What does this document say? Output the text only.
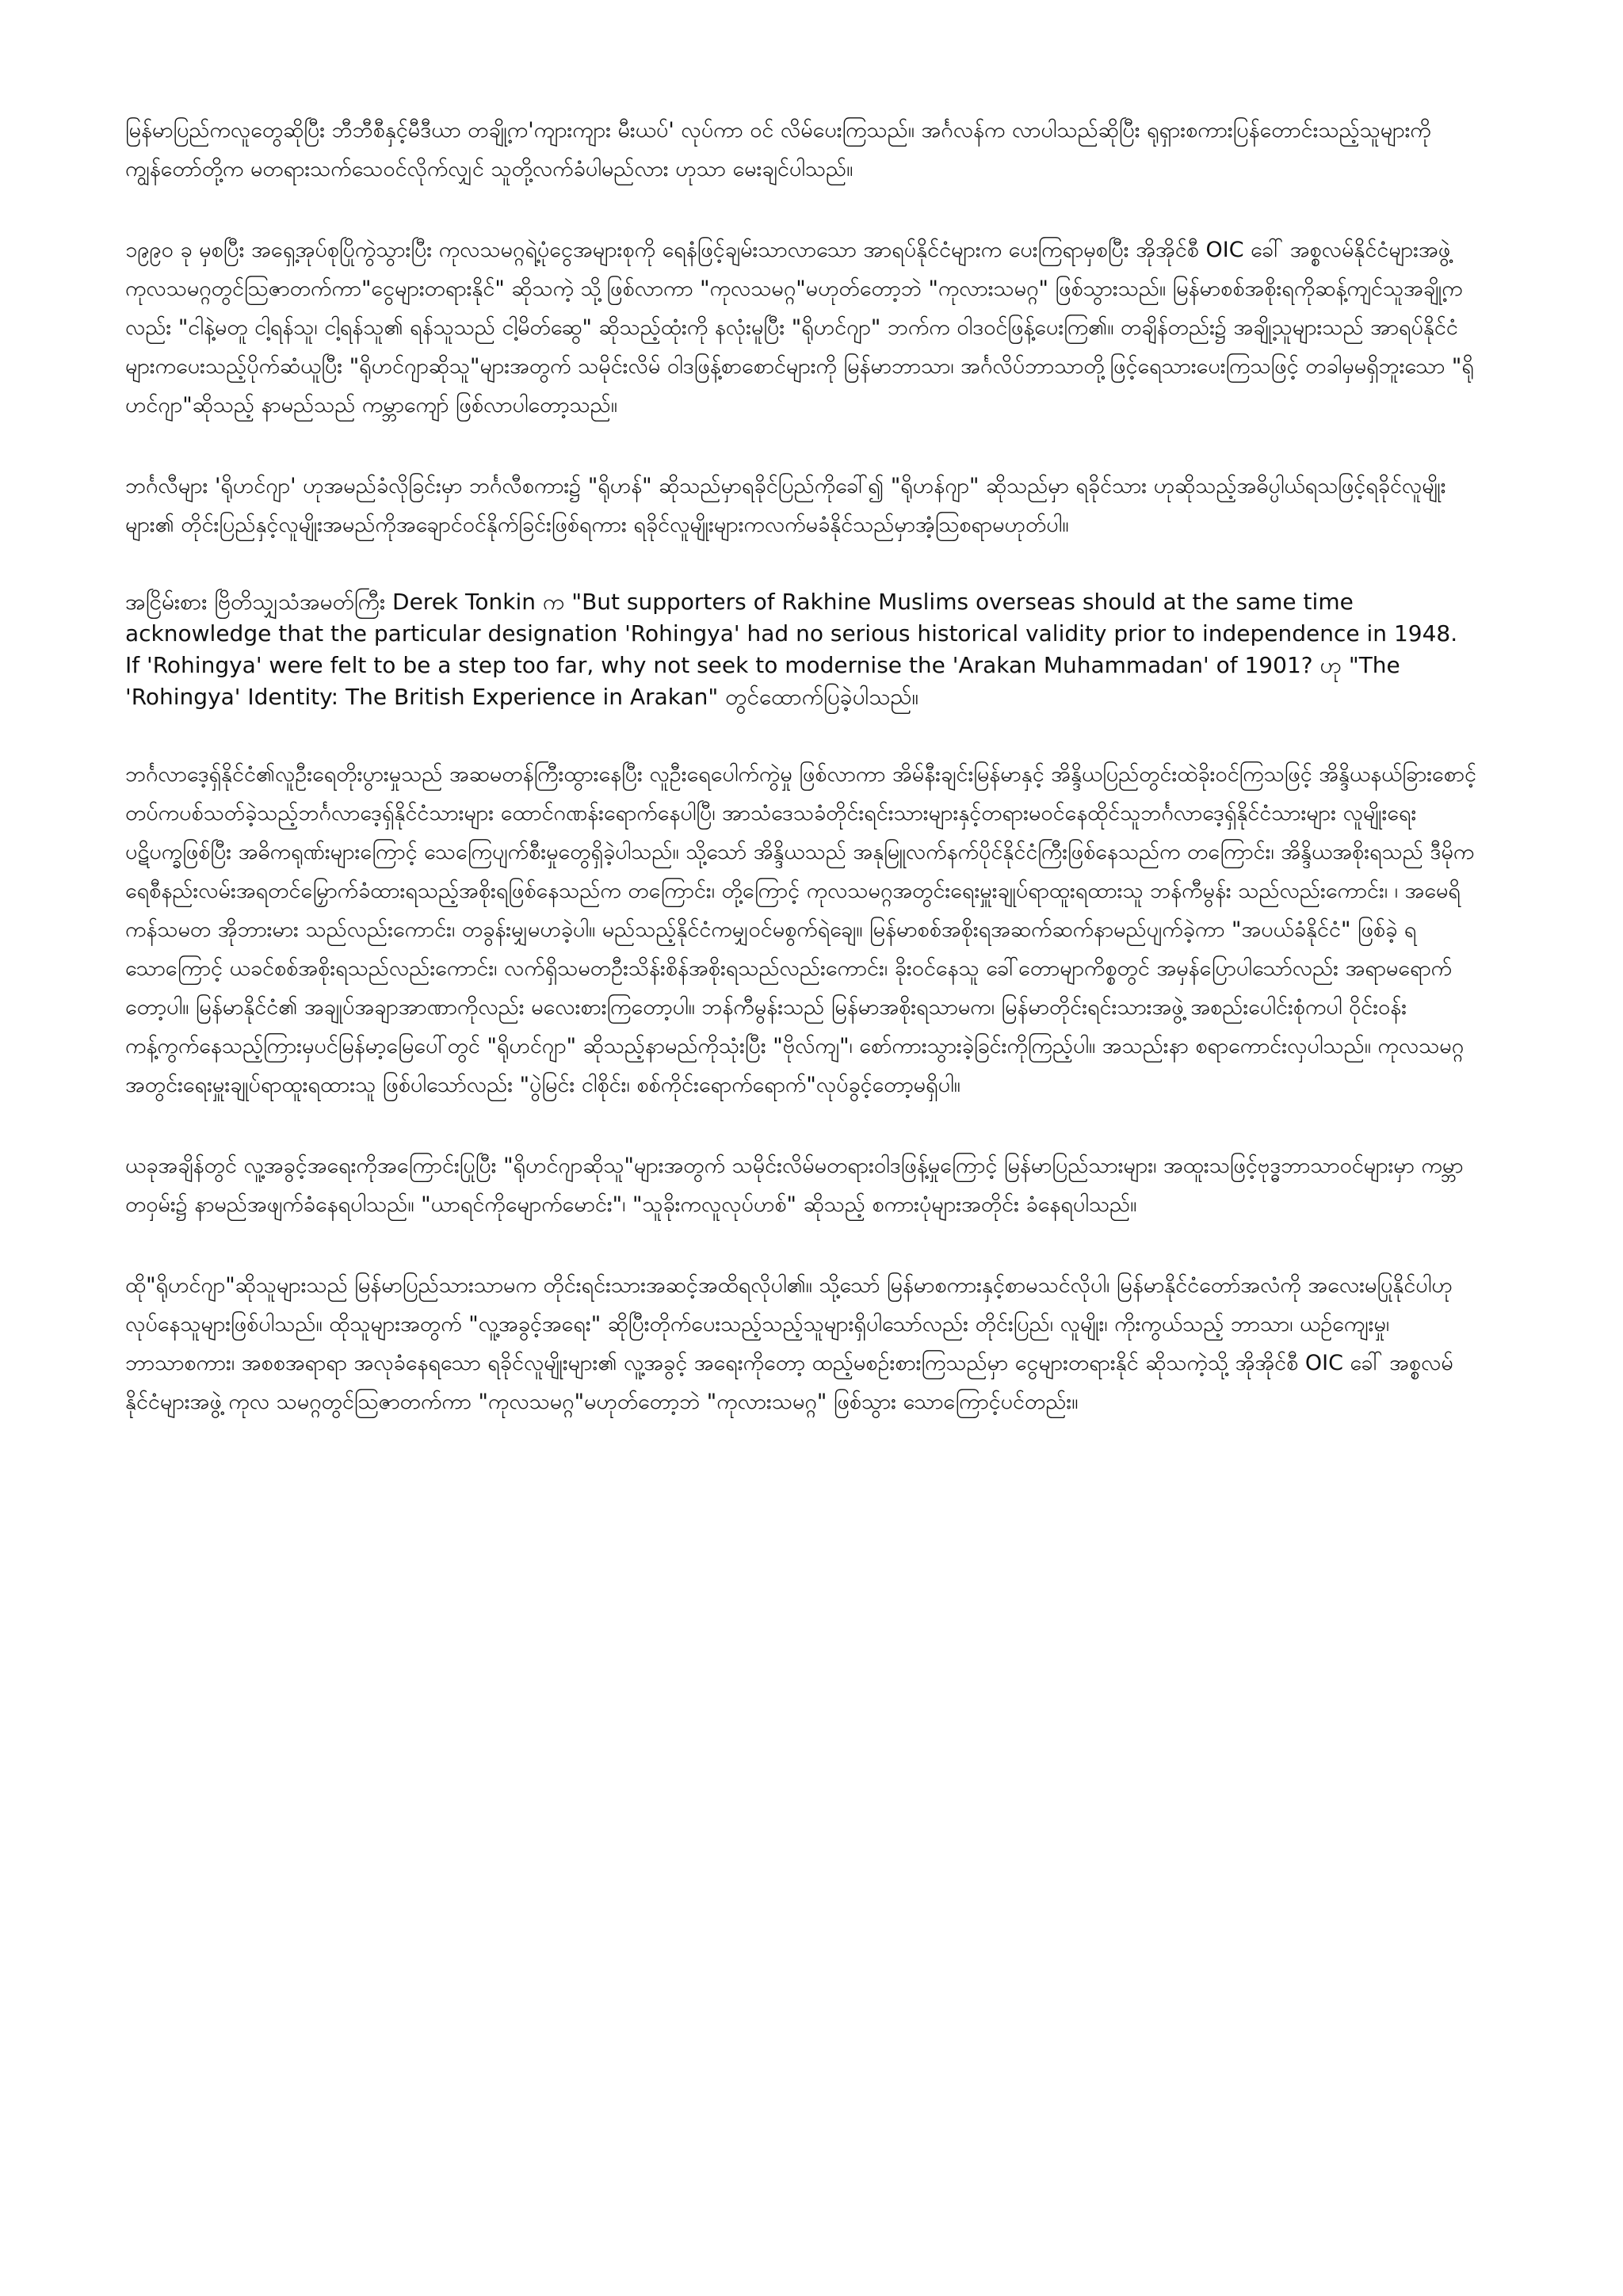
မြန်မာပြည်ကလူတွေဆိုပြီး ဘီဘီစီနှင့်မီဒီယာ တချို့က'ကျားကျား မီးယပ်' လုပ်ကာ ဝင် လိမ်ပေးကြသည်။ အင်္ဂလန်က လာပါသည်ဆိုပြီး ရုရှားစကားပြန်တောင်းသည့်သူများကို ကျွန်တော်တို့က မတရားသက်သေဝင်လိုက်လျှင် သူတို့လက်ခံပါမည်လား ဟုသာ မေးချင်ပါသည်။

၁၉၉၀ ခု မှစပြီး အရှေ့အုပ်စုပြိုကွဲသွားပြီး ကုလသမဂ္ဂရဲ့ပုံငွေအများစုကို ရေနံဖြင့်ချမ်းသာလာသော အာရပ်နိုင်ငံများက ပေးကြရာမှစပြီး အိုအိုင်စီ OIC ခေါ် အစ္စလမ်နိုင်ငံများအဖွဲ့ ကုလသမဂ္ဂတွင်ဩဇာတက်ကာ"ငွေများတရားနိုင်" ဆိုသကဲ့ သို့ဖြစ်လာကာ "ကုလသမဂ္ဂ"မဟုတ်တော့ဘဲ "ကုလားသမဂ္ဂ" ဖြစ်သွားသည်။ မြန်မာစစ်အစိုးရကိုဆန့်ကျင်သူအချို့ကလည်း "ငါနဲ့မတူ ငါ့ရန်သူ၊ ငါ့ရန်သူ၏ ရန်သူသည် ငါ့မိတ်ဆွေ" ဆိုသည့်ထုံးကို နလုံးမူပြီး "ရိုဟင်ဂျာ" ဘက်က ဝါဒဝင်ဖြန့်ပေးကြ၏။ တချိန်တည်း၌ အချို့သူများသည် အာရပ်နိုင်ငံ များကပေးသည့်ပိုက်ဆံယူပြီး "ရိုဟင်ဂျာဆိုသူ"များအတွက် သမိုင်းလိမ် ဝါဒဖြန့်စာစောင်များကို မြန်မာဘာသာ၊ အင်္ဂလိပ်ဘာသာတို့ဖြင့်ရေသားပေးကြသဖြင့် တခါမှမရှိဘူးသော "ရိုဟင်ဂျာ"ဆိုသည့် နာမည်သည် ကမ္ဘာကျော် ဖြစ်လာပါတော့သည်။

ဘင်္ဂလီများ 'ရိုဟင်ဂျာ' ဟုအမည်ခံလိုခြင်းမှာ ဘင်္ဂလီစကား၌ "ရိုဟန်" ဆိုသည်မှာရခိုင်ပြည်ကိုခေါ်၍ "ရိုဟန်ဂျာ" ဆိုသည်မှာ ရခိုင်သား ဟုဆိုသည့်အဓိပ္ပါယ်ရသဖြင့်ရခိုင်လူမျိုးများ၏ တိုင်းပြည်နှင့်လူမျိုးအမည်ကိုအချောင်ဝင်နိုက်ခြင်းဖြစ်ရကား ရခိုင်လူမျိုးများကလက်မခံနိုင်သည်မှာအံ့သြစရာမဟုတ်ပါ။

အငြိမ်းစား ဗြိတိသျှသံအမတ်ကြီး Derek Tonkin က "But supporters of Rakhine Muslims overseas should at the same time acknowledge that the particular designation 'Rohingya' had no serious historical validity prior to independence in 1948. If 'Rohingya' were felt to be a step too far, why not seek to modernise the 'Arakan Muhammadan' of 1901? ဟု "The 'Rohingya' Identity: The British Experience in Arakan" တွင်ထောက်ပြခဲ့ပါသည်။

ဘင်္ဂလာဒေ့ရှ်နိုင်ငံ၏လူဦးရေတိုးပွားမှုသည် အဆမတန်ကြီးထွားနေပြီး လူဦးရေပေါက်ကွဲမှု ဖြစ်လာကာ အိမ်နီးချင်းမြန်မာနှင့် အိန္ဒိယပြည်တွင်းထဲခိုးဝင်ကြသဖြင့် အိန္ဒိယနယ်ခြားစောင့်တပ်ကပစ်သတ်ခဲ့သည့်ဘင်္ဂလာဒေ့ရှ်နိုင်ငံသားများ ထောင်ဂဏန်းရောက်နေပါပြီ၊ အာသံဒေသခံတိုင်းရင်းသားများနှင့်တရားမဝင်နေထိုင်သူဘင်္ဂလာဒေ့ရှ်နိုင်ငံသားများ လူမျိုးရေး ပဋိပက္ခဖြစ်ပြီး အဓိကရုဏ်းများကြောင့် သေကြေပျက်စီးမှုတွေရှိခဲ့ပါသည်။ သို့သော် အိန္ဒိယသည် အနုမြူလက်နက်ပိုင်နိုင်ငံကြီးဖြစ်နေသည်က တကြောင်း၊ အိန္ဒိယအစိုးရသည် ဒီမိုကရေစီနည်းလမ်းအရတင်မြှောက်ခံထားရသည့်အစိုးရဖြစ်နေသည်က တကြောင်း၊ တို့ကြောင့် ကုလသမဂ္ဂအတွင်းရေးမှူးချုပ်ရာထူးရထားသူ ဘန်ကီမွန်း သည်လည်းကောင်း၊ ၊ အမေရိကန်သမတ အိုဘားမား သည်လည်းကောင်း၊ တခွန်းမျှမဟခဲ့ပါ။ မည်သည့်နိုင်ငံကမျှဝင်မစွက်ရဲချေ။ မြန်မာစစ်အစိုးရအဆက်ဆက်နာမည်ပျက်ခဲ့ကာ "အပယ်ခံနိုင်ငံ" ဖြစ်ခဲ့ ရသောကြောင့် ယခင်စစ်အစိုးရသည်လည်းကောင်း၊ လက်ရှိသမတဦးသိန်းစိန်အစိုးရသည်လည်းကောင်း၊ ခိုးဝင်နေသူ ခေါ်တောမျာကိစ္စတွင် အမှန်ပြောပါသော်လည်း အရာမရောက်တော့ပါ။ မြန်မာနိုင်ငံ၏ အချုပ်အချာအာဏာကိုလည်း မလေးစားကြတော့ပါ။ ဘန်ကီမွန်းသည် မြန်မာအစိုးရသာမက၊ မြန်မာတိုင်းရင်းသားအဖွဲ့ အစည်းပေါင်းစုံကပါ ဝိုင်းဝန်းကန့်ကွက်နေသည့်ကြားမှပင်မြန်မာ့မြေပေါ်တွင် "ရိုဟင်ဂျာ" ဆိုသည့်နာမည်ကိုသုံးပြီး "ဗိုလ်ကျ"၊ စော်ကားသွားခဲ့ခြင်းကိုကြည့်ပါ။ အသည်းနာ စရာကောင်းလှပါသည်။ ကုလသမဂ္ဂ အတွင်းရေးမှူးချုပ်ရာထူးရထားသူ ဖြစ်ပါသော်လည်း "ပွဲမြင်း ငါစိုင်း၊ စစ်ကိုင်းရောက်ရောက်"လုပ်ခွင့်တော့မရှိပါ။

ယခုအချိန်တွင် လူ့အခွင့်အရေးကိုအကြောင်းပြုပြီး "ရိုဟင်ဂျာဆိုသူ"များအတွက် သမိုင်းလိမ်မတရားဝါဒဖြန့်မှုကြောင့် မြန်မာပြည်သားများ၊ အထူးသဖြင့်ဗုဒ္ဓဘာသာဝင်များမှာ ကမ္ဘာတဝှမ်း၌ နာမည်အဖျက်ခံနေရပါသည်။ "ယာရင်ကိုမျောက်မောင်း"၊ "သူခိုးကလူလုပ်ဟစ်" ဆိုသည့် စကားပုံများအတိုင်း ခံနေရပါသည်။

ထို"ရိုဟင်ဂျာ"ဆိုသူများသည် မြန်မာပြည်သားသာမက တိုင်းရင်းသားအဆင့်အထိရလိုပါ၏။ သို့သော် မြန်မာစကားနှင့်စာမသင်လိုပါ၊ မြန်မာနိုင်ငံတော်အလံကို အလေးမပြုနိုင်ပါဟုလုပ်နေသူများဖြစ်ပါသည်။ ထိုသူများအတွက် "လူ့အခွင့်အရေး" ဆိုပြီးတိုက်ပေးသည့်သည့်သူများရှိပါသော်လည်း တိုင်းပြည်၊ လူမျိုး၊ ကိုးကွယ်သည့် ဘာသာ၊ ယဉ်ကျေးမှု၊ ဘာသာစကား၊ အစစအရာရာ အလုခံနေရသော ရခိုင်လူမျိုးများ၏ လူ့အခွင့် အရေးကိုတော့ ထည့်မစဉ်းစားကြသည်မှာ ငွေများတရားနိုင် ဆိုသကဲ့သို့ အိုအိုင်စီ OIC ခေါ် အစ္စလမ်နိုင်ငံများအဖွဲ့ ကုလ သမဂ္ဂတွင်ဩဇာတက်ကာ "ကုလသမဂ္ဂ"မဟုတ်တော့ဘဲ "ကုလားသမဂ္ဂ" ဖြစ်သွား သောကြောင့်ပင်တည်း။
